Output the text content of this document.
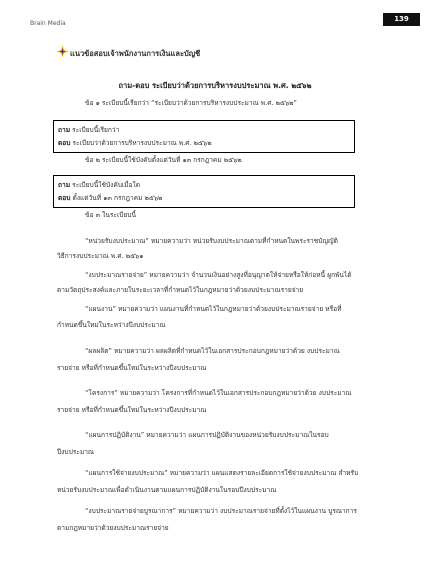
Brain Media
139
แนวข้อสอบเจ้าพนักงานการเงินและบัญชี
ถาม-ตอบ ระเบียบว่าด้วยการบริหารงบประมาณ พ.ศ. ๒๕๖๒
ข้อ ๑ ระเบียบนี้เรียกว่า “ระเบียบว่าด้วยการบริหารงบประมาณ พ.ศ. ๒๕๖๒”
ถาม ระเบียบนี้เรียกว่า
ตอบ ระเบียบว่าด้วยการบริหารงบประมาณ พ.ศ. ๒๕๖๒
ข้อ ๒ ระเบียบนี้ใช้บังคับตั้งแต่วันที่ ๑๓ กรกฎาคม ๒๕๖๒
ถาม ระเบียบนี้ใช้บังคับเมื่อใด
ตอบ ตั้งแต่วันที่ ๑๓ กรกฎาคม ๒๕๖๒
ข้อ ๓ ในระเบียบนี้
“หน่วยรับงบประมาณ” หมายความว่า หน่วยรับงบประมาณตามที่กำหนดในพระราชบัญญัติ
วิธีการงบประมาณ พ.ศ. ๒๕๖๑
“งบประมาณรายจ่าย” หมายความว่า จำนวนเงินอย่างสูงที่อนุญาตให้จ่ายหรือให้ก่อหนี้ ผูกพันได้
ตามวัตถุประสงค์และภายในระยะเวลาที่กำหนดไว้ในกฎหมายว่าด้วยงบประมาณรายจ่าย
“แผนงาน” หมายความว่า แผนงานที่กำหนดไว้ในกฎหมายว่าด้วยงบประมาณรายจ่าย หรือที่
กำหนดขึ้นใหม่ในระหว่างปีงบประมาณ
“ผลผลิต” หมายความว่า ผลผลิตที่กำหนดไว้ในเอกสารประกอบกฎหมายว่าด้วย งบประมาณ
รายจ่าย หรือที่กำหนดขึ้นใหม่ในระหว่างปีงบประมาณ
“โครงการ” หมายความว่า โครงการที่กำหนดไว้ในเอกสารประกอบกฎหมายว่าด้วย งบประมาณ
รายจ่าย หรือที่กำหนดขึ้นใหม่ในระหว่างปีงบประมาณ
“แผนการปฏิบัติงาน” หมายความว่า แผนการปฏิบัติงานของหน่วยรับงบประมาณในรอบ
ปีงบประมาณ
“แผนการใช้จ่ายงบประมาณ” หมายความว่า แผนแสดงรายละเอียดการใช้จ่ายงบประมาณ สำหรับ
หน่วยรับงบประมาณเพื่อดำเนินงานตามแผนการปฏิบัติงานในรอบปีงบประมาณ
“งบประมาณรายจ่ายบูรณาการ” หมายความว่า งบประมาณรายจ่ายที่ตั้งไว้ในแผนงาน บูรณาการ
ตามกฎหมายว่าด้วยงบประมาณรายจ่าย
